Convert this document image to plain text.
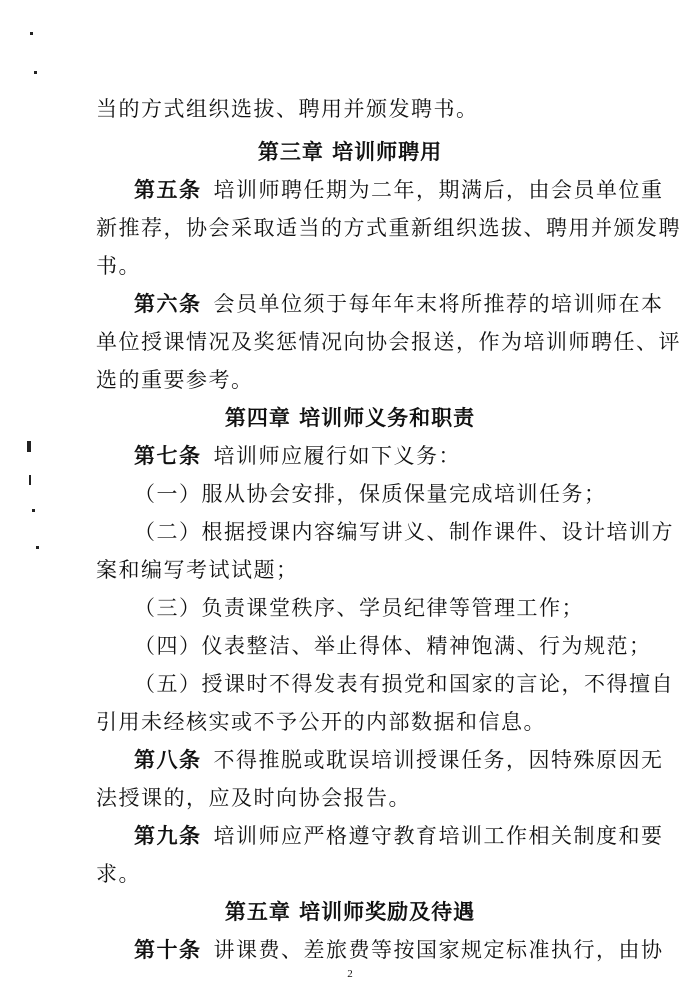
当的方式组织选拔、聘用并颁发聘书。
第三章 培训师聘用
第五条 培训师聘任期为二年，期满后，由会员单位重
新推荐，协会采取适当的方式重新组织选拔、聘用并颁发聘
书。
第六条 会员单位须于每年年末将所推荐的培训师在本
单位授课情况及奖惩情况向协会报送，作为培训师聘任、评
选的重要参考。
第四章 培训师义务和职责
第七条 培训师应履行如下义务：
（一）服从协会安排，保质保量完成培训任务；
（二）根据授课内容编写讲义、制作课件、设计培训方
案和编写考试试题；
（三）负责课堂秩序、学员纪律等管理工作；
（四）仪表整洁、举止得体、精神饱满、行为规范；
（五）授课时不得发表有损党和国家的言论，不得擅自
引用未经核实或不予公开的内部数据和信息。
第八条 不得推脱或耽误培训授课任务，因特殊原因无
法授课的，应及时向协会报告。
第九条 培训师应严格遵守教育培训工作相关制度和要
求。
第五章 培训师奖励及待遇
第十条 讲课费、差旅费等按国家规定标准执行，由协
2
